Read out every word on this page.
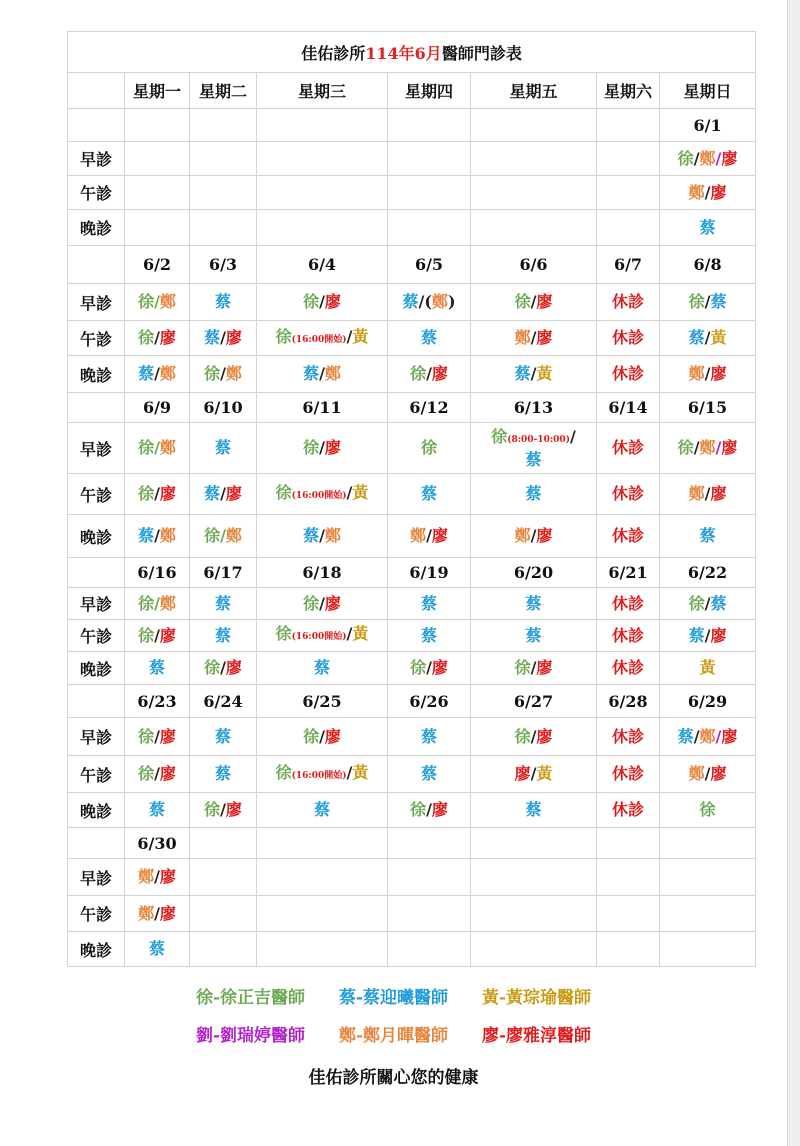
佳佑診所114年6月醫師門診表							
	星期一	星期二	星期三	星期四	星期五	星期六	星期日
							6/1
早診							徐/鄭/廖
午診							鄭/廖
晚診							蔡
	6/2	6/3	6/4	6/5	6/6	6/7	6/8
早診	徐/鄭	蔡	徐/廖	蔡/(鄭)	徐/廖	休診	徐/蔡
午診	徐/廖	蔡/廖	徐(16:00開始)/黃	蔡	鄭/廖	休診	蔡/黃
晚診	蔡/鄭	徐/鄭	蔡/鄭	徐/廖	蔡/黃	休診	鄭/廖
	6/9	6/10	6/11	6/12	6/13	6/14	6/15
早診	徐/鄭	蔡	徐/廖	徐	徐(8:00-10:00)/
蔡	休診	徐/鄭/廖
午診	徐/廖	蔡/廖	徐(16:00開始)/黃	蔡	蔡	休診	鄭/廖
晚診	蔡/鄭	徐/鄭	蔡/鄭	鄭/廖	鄭/廖	休診	蔡
	6/16	6/17	6/18	6/19	6/20	6/21	6/22
早診	徐/鄭	蔡	徐/廖	蔡	蔡	休診	徐/蔡
午診	徐/廖	蔡	徐(16:00開始)/黃	蔡	蔡	休診	蔡/廖
晚診	蔡	徐/廖	蔡	徐/廖	徐/廖	休診	黃
	6/23	6/24	6/25	6/26	6/27	6/28	6/29
早診	徐/廖	蔡	徐/廖	蔡	徐/廖	休診	蔡/鄭/廖
午診	徐/廖	蔡	徐(16:00開始)/黃	蔡	廖/黃	休診	鄭/廖
晚診	蔡	徐/廖	蔡	徐/廖	蔡	休診	徐
	6/30						
早診	鄭/廖						
午診	鄭/廖						
晚診	蔡						
徐-徐正吉醫師 蔡-蔡迎曦醫師 黃-黃琮瑜醫師
劉-劉瑞婷醫師 鄭-鄭月暉醫師 廖-廖雅淳醫師
佳佑診所關心您的健康
